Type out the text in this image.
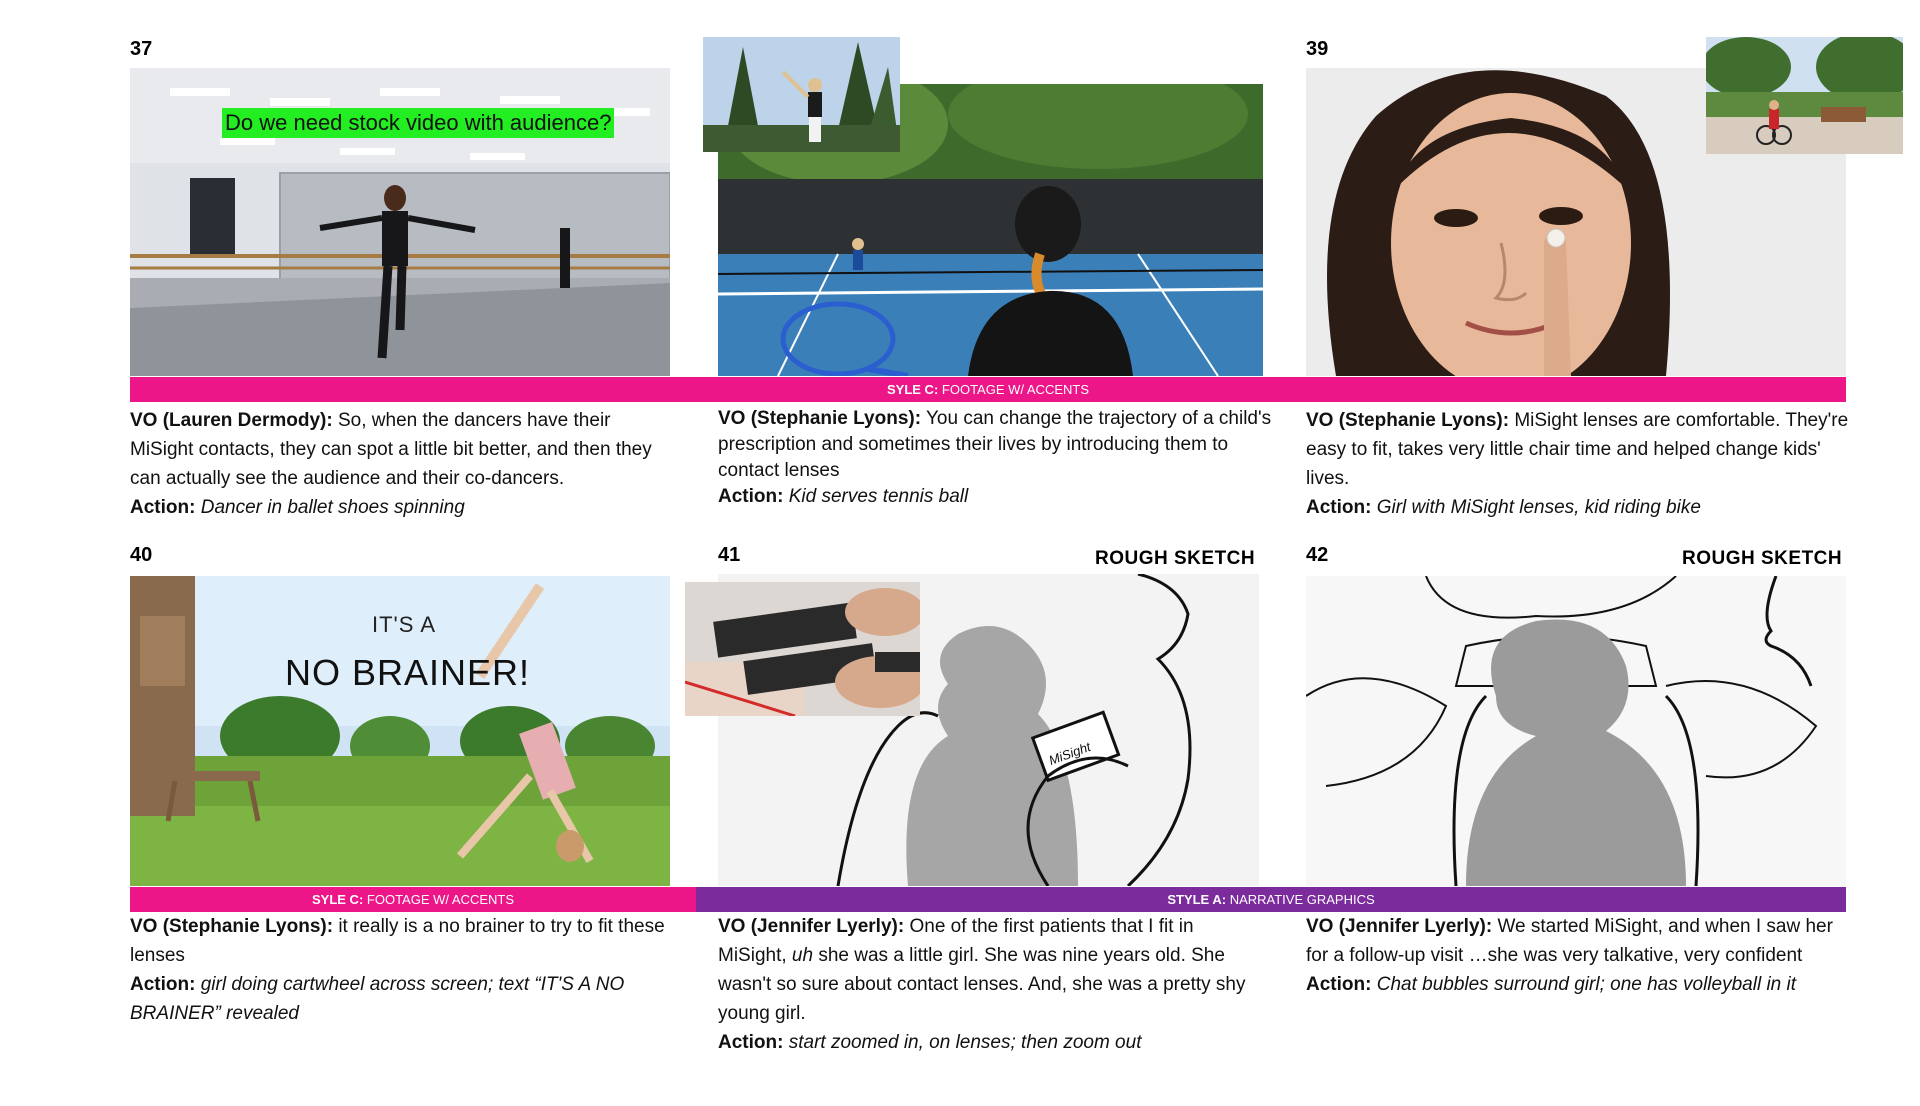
37
Do we need stock video with audience?
39
SYLE C: FOOTAGE W/ ACCENTS
VO (Lauren Dermody): So, when the dancers have their MiSight contacts, they can spot a little bit better, and then they can actually see the audience and their co-dancers.
Action: Dancer in ballet shoes spinning
VO (Stephanie Lyons): You can change the trajectory of a child's prescription and sometimes their lives by introducing them to contact lenses
Action: Kid serves tennis ball
VO (Stephanie Lyons): MiSight lenses are comfortable. They're easy to fit, takes very little chair time and helped change kids' lives.
Action: Girl with MiSight lenses, kid riding bike
40
IT'S A
NO BRAINER!
41	ROUGH SKETCH
MiSight
42	ROUGH SKETCH
SYLE C: FOOTAGE W/ ACCENTS	STYLE A: NARRATIVE GRAPHICS
VO (Stephanie Lyons): it really is a no brainer to try to fit these lenses
Action: girl doing cartwheel across screen; text “IT'S A NO BRAINER” revealed
VO (Jennifer Lyerly): One of the first patients that I fit in MiSight, uh she was a little girl. She was nine years old. She wasn't so sure about contact lenses. And, she was a pretty shy young girl.
Action: start zoomed in, on lenses; then zoom out
VO (Jennifer Lyerly): We started MiSight, and when I saw her for a follow-up visit …she was very talkative, very confident
Action: Chat bubbles surround girl; one has volleyball in it
